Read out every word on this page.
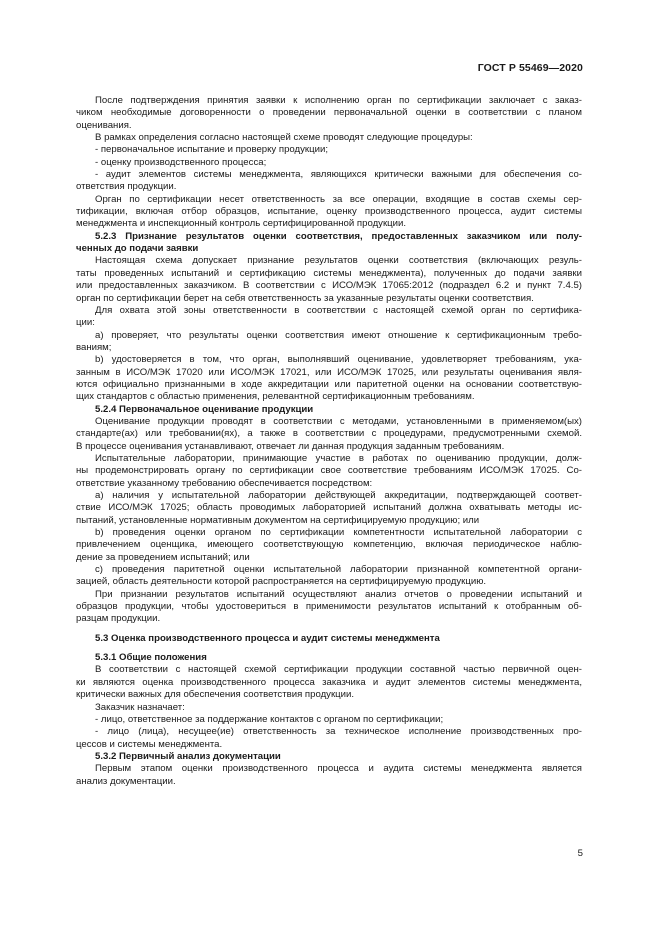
ГОСТ Р 55469—2020
После подтверждения принятия заявки к исполнению орган по сертификации заключает с заказ-
чиком необходимые договоренности о проведении первоначальной оценки в соответствии с планом
оценивания.
В рамках определения согласно настоящей схеме проводят следующие процедуры:
- первоначальное испытание и проверку продукции;
- оценку производственного процесса;
- аудит элементов системы менеджмента, являющихся критически важными для обеспечения со-
ответствия продукции.
Орган по сертификации несет ответственность за все операции, входящие в состав схемы сер-
тификации, включая отбор образцов, испытание, оценку производственного процесса, аудит системы
менеджмента и инспекционный контроль сертифицированной продукции.
5.2.3 Признание результатов оценки соответствия, предоставленных заказчиком или полу-
ченных до подачи заявки
Настоящая схема допускает признание результатов оценки соответствия (включающих резуль-
таты проведенных испытаний и сертификацию системы менеджмента), полученных до подачи заявки
или предоставленных заказчиком. В соответствии с ИСО/МЭК 17065:2012 (подраздел 6.2 и пункт 7.4.5)
орган по сертификации берет на себя ответственность за указанные результаты оценки соответствия.
Для охвата этой зоны ответственности в соответствии с настоящей схемой орган по сертифика-
ции:
a) проверяет, что результаты оценки соответствия имеют отношение к сертификационным требо-
ваниям;
b) удостоверяется в том, что орган, выполнявший оценивание, удовлетворяет требованиям, ука-
занным в ИСО/МЭК 17020 или ИСО/МЭК 17021, или ИСО/МЭК 17025, или результаты оценивания явля-
ются официально признанными в ходе аккредитации или паритетной оценки на основании соответствую-
щих стандартов с областью применения, релевантной сертификационным требованиям.
5.2.4 Первоначальное оценивание продукции
Оценивание продукции проводят в соответствии с методами, установленными в применяемом(ых)
стандарте(ах) или требовании(ях), а также в соответствии с процедурами, предусмотренными схемой.
В процессе оценивания устанавливают, отвечает ли данная продукция заданным требованиям.
Испытательные лаборатории, принимающие участие в работах по оцениванию продукции, долж-
ны продемонстрировать органу по сертификации свое соответствие требованиям ИСО/МЭК 17025. Со-
ответствие указанному требованию обеспечивается посредством:
a) наличия у испытательной лаборатории действующей аккредитации, подтверждающей соответ-
ствие ИСО/МЭК 17025; область проводимых лабораторией испытаний должна охватывать методы ис-
пытаний, установленные нормативным документом на сертифицируемую продукцию; или
b) проведения оценки органом по сертификации компетентности испытательной лаборатории с
привлечением оценщика, имеющего соответствующую компетенцию, включая периодическое наблю-
дение за проведением испытаний; или
c) проведения паритетной оценки испытательной лаборатории признанной компетентной органи-
зацией, область деятельности которой распространяется на сертифицируемую продукцию.
При признании результатов испытаний осуществляют анализ отчетов о проведении испытаний и
образцов продукции, чтобы удостовериться в применимости результатов испытаний к отобранным об-
разцам продукции.
5.3 Оценка производственного процесса и аудит системы менеджмента
5.3.1 Общие положения
В соответствии с настоящей схемой сертификации продукции составной частью первичной оцен-
ки являются оценка производственного процесса заказчика и аудит элементов системы менеджмента,
критически важных для обеспечения соответствия продукции.
Заказчик назначает:
- лицо, ответственное за поддержание контактов с органом по сертификации;
- лицо (лица), несущее(ие) ответственность за техническое исполнение производственных про-
цессов и системы менеджмента.
5.3.2 Первичный анализ документации
Первым этапом оценки производственного процесса и аудита системы менеджмента является
анализ документации.
5
